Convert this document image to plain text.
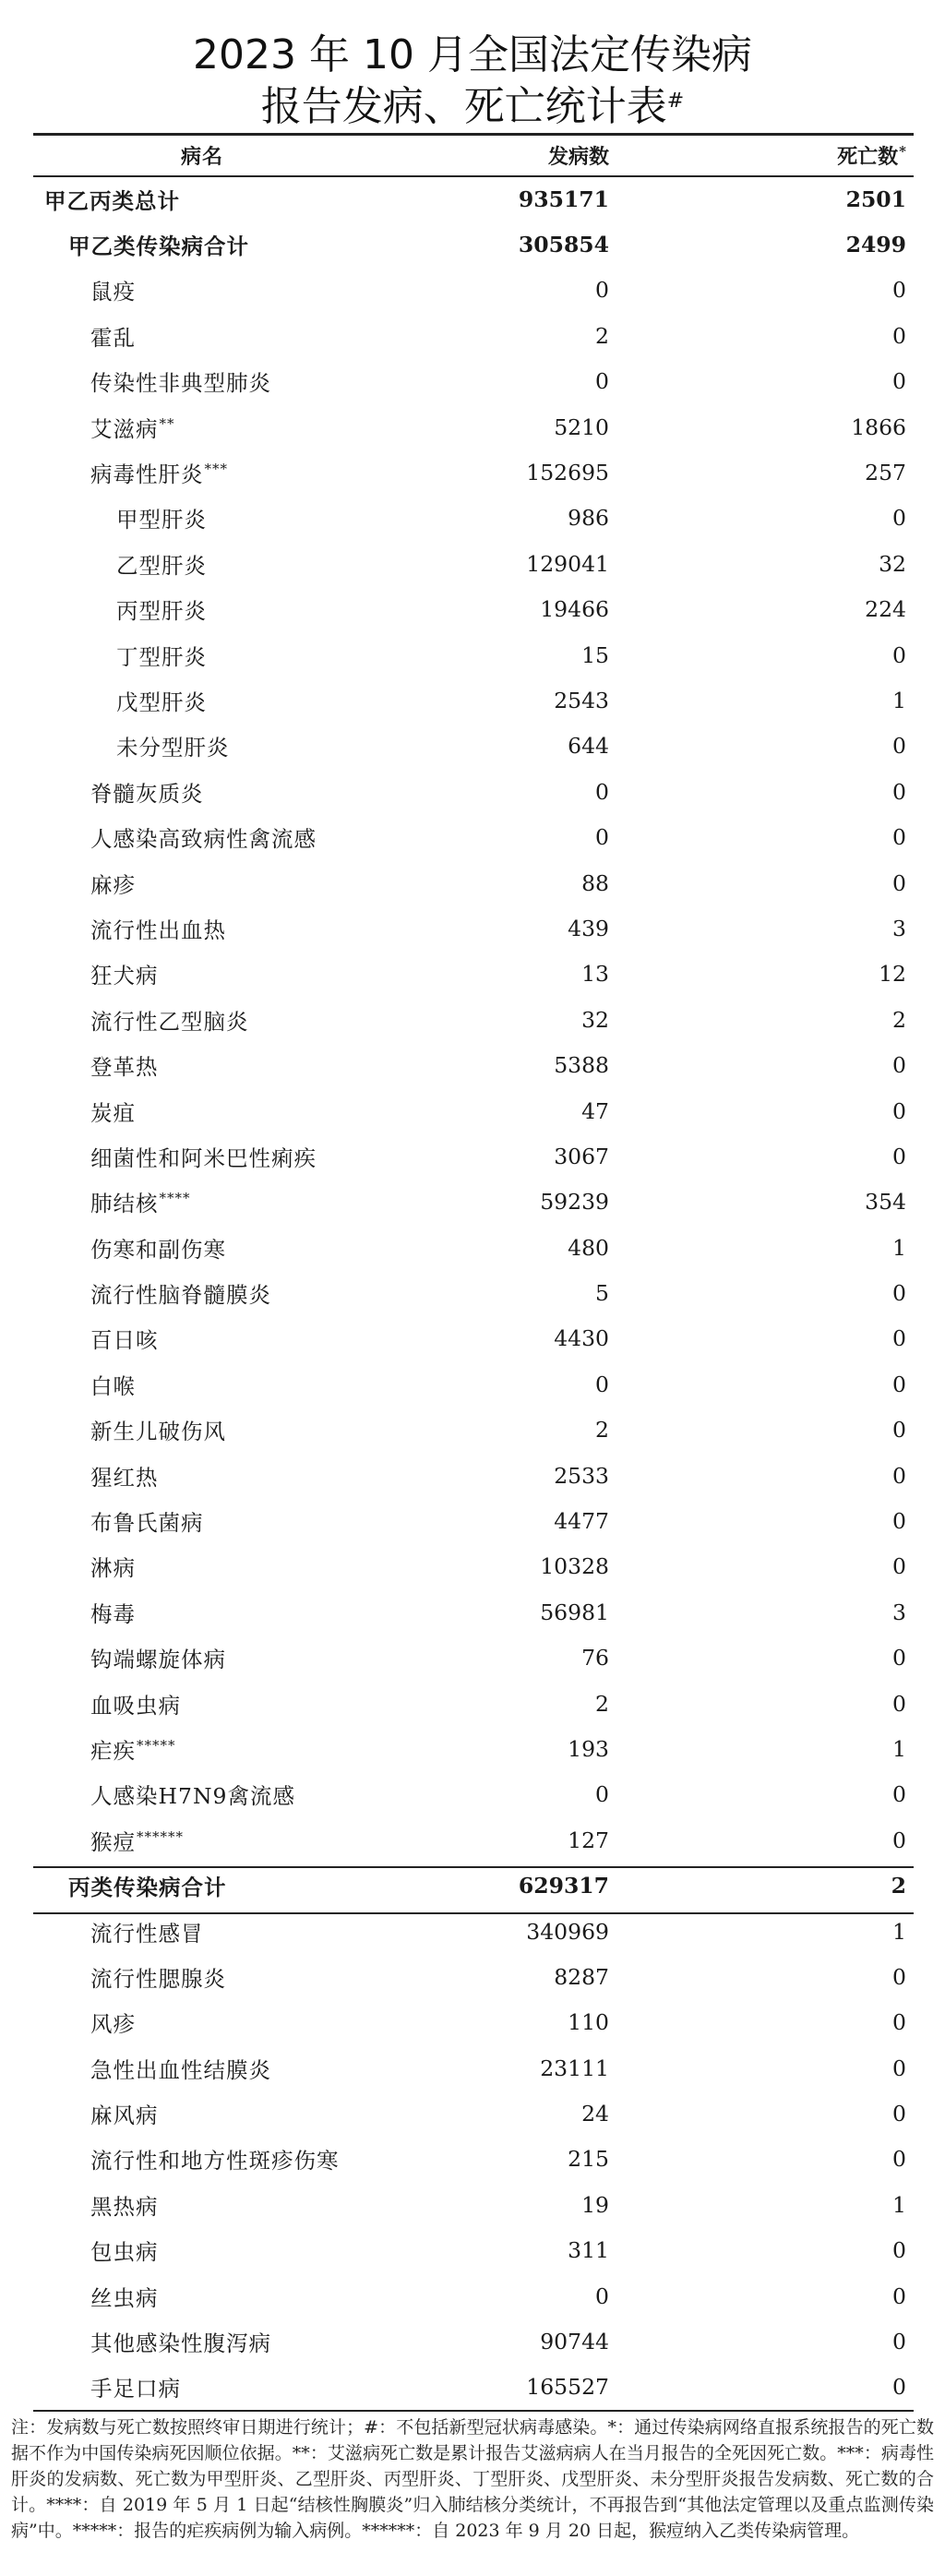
2023 年 10 月全国法定传染病
报告发病、死亡统计表#
病名	发病数	死亡数 *
甲乙丙类总计	935171	2501
甲乙类传染病合计	305854	2499
鼠疫	0	0
霍乱	2	0
传染性非典型肺炎	0	0
艾滋病 **	5210	1866
病毒性肝炎 ***	152695	257
甲型肝炎	986	0
乙型肝炎	129041	32
丙型肝炎	19466	224
丁型肝炎	15	0
戊型肝炎	2543	1
未分型肝炎	644	0
脊髓灰质炎	0	0
人感染高致病性禽流感	0	0
麻疹	88	0
流行性出血热	439	3
狂犬病	13	12
流行性乙型脑炎	32	2
登革热	5388	0
炭疽	47	0
细菌性和阿米巴性痢疾	3067	0
肺结核 ****	59239	354
伤寒和副伤寒	480	1
流行性脑脊髓膜炎	5	0
百日咳	4430	0
白喉	0	0
新生儿破伤风	2	0
猩红热	2533	0
布鲁氏菌病	4477	0
淋病	10328	0
梅毒	56981	3
钩端螺旋体病	76	0
血吸虫病	2	0
疟疾 *****	193	1
人感染H7N9禽流感	0	0
猴痘 ******	127	0
丙类传染病合计	629317	2
流行性感冒	340969	1
流行性腮腺炎	8287	0
风疹	110	0
急性出血性结膜炎	23111	0
麻风病	24	0
流行性和地方性斑疹伤寒	215	0
黑热病	19	1
包虫病	311	0
丝虫病	0	0
其他感染性腹泻病	90744	0
手足口病	165527	0
注：发病数与死亡数按照终审日期进行统计；#：不包括新型冠状病毒感染。*：通过传染病网络直报系统报告的死亡数据不作为中国传染病死因顺位依据。**：艾滋病死亡数是累计报告艾滋病病人在当月报告的全死因死亡数。***：病毒性肝炎的发病数、死亡数为甲型肝炎、乙型肝炎、丙型肝炎、丁型肝炎、戊型肝炎、未分型肝炎报告发病数、死亡数的合计。****：自 2019 年 5 月 1 日起“结核性胸膜炎”归入肺结核分类统计，不再报告到“其他法定管理以及重点监测传染病”中。*****：报告的疟疾病例为输入病例。******：自 2023 年 9 月 20 日起，猴痘纳入乙类传染病管理。
